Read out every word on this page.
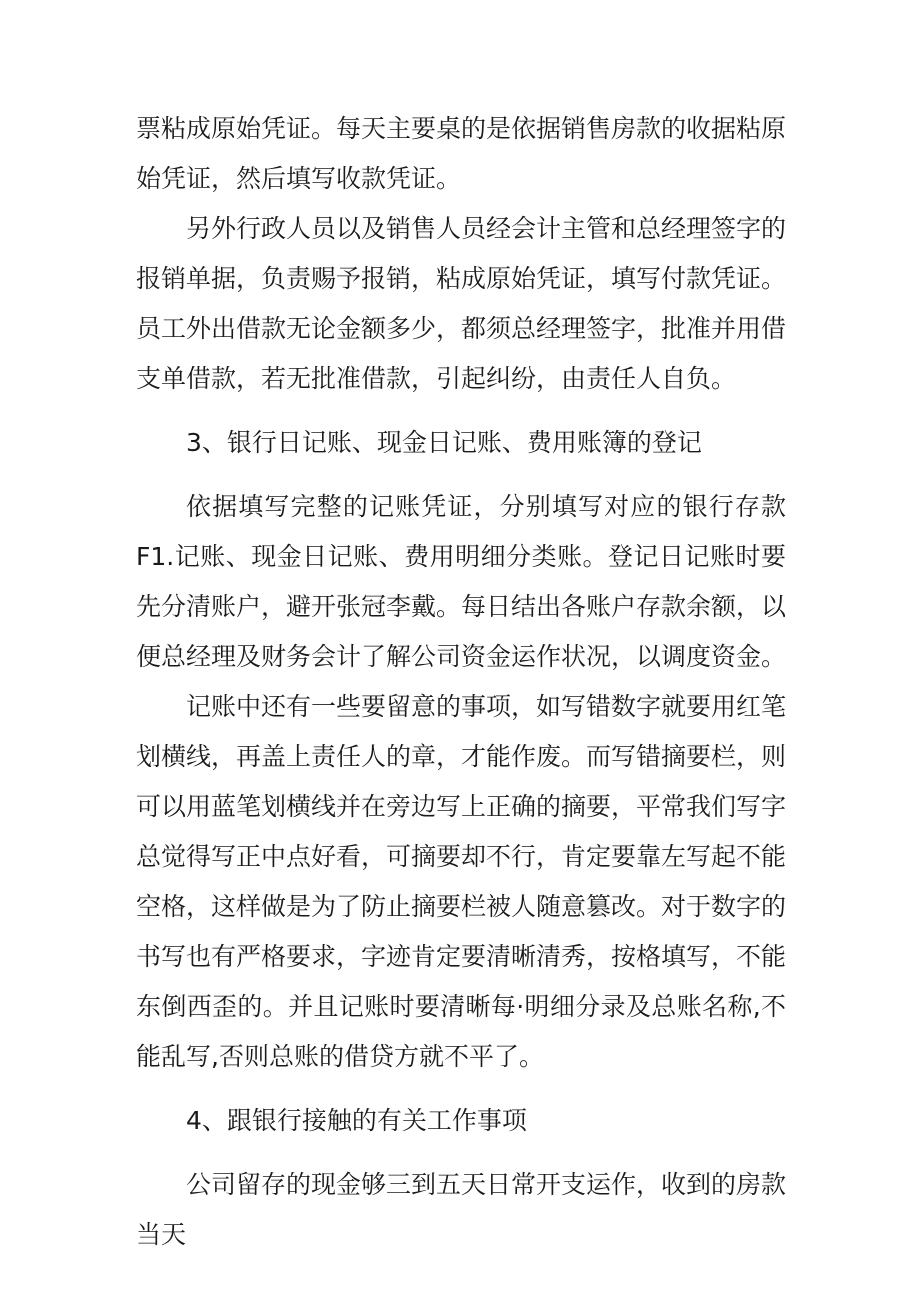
票粘成原始凭证。每天主要桌的是依据销售房款的收据粘原始凭证，然后填写收款凭证。

另外行政人员以及销售人员经会计主管和总经理签字的报销单据，负责赐予报销，粘成原始凭证，填写付款凭证。员工外出借款无论金额多少，都须总经理签字，批准并用借支单借款，若无批准借款，引起纠纷，由责任人自负。

3、银行日记账、现金日记账、费用账簿的登记

依据填写完整的记账凭证，分别填写对应的银行存款F1.记账、现金日记账、费用明细分类账。登记日记账时要先分清账户，避开张冠李戴。每日结出各账户存款余额，以便总经理及财务会计了解公司资金运作状况，以调度资金。

记账中还有一些要留意的事项，如写错数字就要用红笔划横线，再盖上责任人的章，才能作废。而写错摘要栏，则可以用蓝笔划横线并在旁边写上正确的摘要，平常我们写字总觉得写正中点好看，可摘要却不行，肯定要靠左写起不能空格，这样做是为了防止摘要栏被人随意篡改。对于数字的书写也有严格要求，字迹肯定要清晰清秀，按格填写，不能东倒西歪的。并且记账时要清晰每·明细分录及总账名称,不能乱写,否则总账的借贷方就不平了。

4、跟银行接触的有关工作事项

公司留存的现金够三到五天日常开支运作，收到的房款当天
